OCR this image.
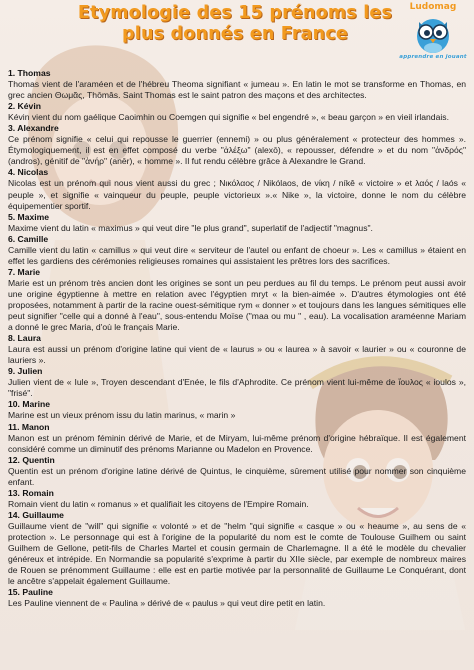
Etymologie des 15 prénoms les plus donnés en France
Ludomag
apprendre en jouant

1. Thomas

Thomas vient de l'araméen et de l'hébreu Theoma signifiant « jumeau ». En latin le mot se transforme en Thomas, en grec ancien Θωμᾶς, Thōmâs. Saint Thomas est le saint patron des maçons et des architectes.

2. Kévin

Kévin vient du nom gaélique Caoimhin ou Coemgen qui signifie « bel engendré », « beau garçon » en vieil irlandais.

3. Alexandre

Ce prénom signifie « celui qui repousse le guerrier (ennemi) » ou plus généralement « protecteur des hommes ». Étymologiquement, il est en effet composé du verbe "ἀλέξω" (alexō), « repousser, défendre » et du nom "ἀνδρός" (andros), génitif de "ἀνήρ" (anēr), « homme ». Il fut rendu célèbre grâce à Alexandre le Grand.

4. Nicolas

Nicolas est un prénom qui nous vient aussi du grec ; Νικόλαος / Nikólaos, de νίκη / níkê « victoire » et λαός / laós « peuple », et signifie « vainqueur du peuple, peuple victorieux ».« Nike », la victoire, donne le nom du célèbre équipementier sportif.

5. Maxime

Maxime vient du latin « maximus » qui veut dire "le plus grand", superlatif de l'adjectif "magnus".

6. Camille

Camille vient du latin « camillus » qui veut dire « serviteur de l'autel ou enfant de choeur ». Les « camillus » étaient en effet les gardiens des cérémonies religieuses romaines qui assistaient les prêtres lors des sacrifices.

7. Marie

Marie est un prénom très ancien dont les origines se sont un peu perdues au fil du temps. Le prénom peut aussi avoir une origine égyptienne à mettre en relation avec l'égyptien mryt « la bien-aimée ». D'autres étymologies ont été proposées, notamment à partir de la racine ouest-sémitique rym « donner » et toujours dans les langues sémitiques elle peut signifier "celle qui a donné à l'eau", sous-entendu Moïse ("maa ou mu " , eau). La vocalisation araméenne Mariam a donné le grec Maria, d'où le français Marie.

8. Laura

Laura est aussi un prénom d'origine latine qui vient de « laurus » ou « laurea » à savoir « laurier » ou « couronne de lauriers ».

9. Julien

Julien vient de « Iule », Troyen descendant d'Enée, le fils d'Aphrodite. Ce prénom vient lui-même de ἴουλος « ioulos », "frisé".

10. Marine

Marine est un vieux prénom issu du latin marinus, « marin »

11. Manon

Manon est un prénom féminin dérivé de Marie, et de Miryam, lui-même prénom d'origine hébraïque. Il est également considéré comme un diminutif des prénoms Marianne ou Madelon en Provence.

12. Quentin

Quentin est un prénom d'origine latine dérivé de Quintus, le cinquième, sûrement utilisé pour nommer son cinquième enfant.

13. Romain

Romain vient du latin « romanus » et qualifiait les citoyens de l'Empire Romain.

14. Guillaume

Guillaume vient de "will" qui signifie « volonté » et de "helm "qui signifie « casque » ou « heaume », au sens de « protection ». Le personnage qui est à l'origine de la popularité du nom est le comte de Toulouse Guilhem ou saint Guilhem de Gellone, petit-fils de Charles Martel et cousin germain de Charlemagne. Il a été le modèle du chevalier généreux et intrépide. En Normandie sa popularité s'exprime à partir du XIIe siècle, par exemple de nombreux maires de Rouen se prénomment Guillaume : elle est en partie motivée par la personnalité de Guillaume Le Conquérant, dont le ancêtre s'appelait également Guillaume.

15. Pauline

Les Pauline viennent de « Paulina » dérivé de « paulus » qui veut dire petit en latin.
